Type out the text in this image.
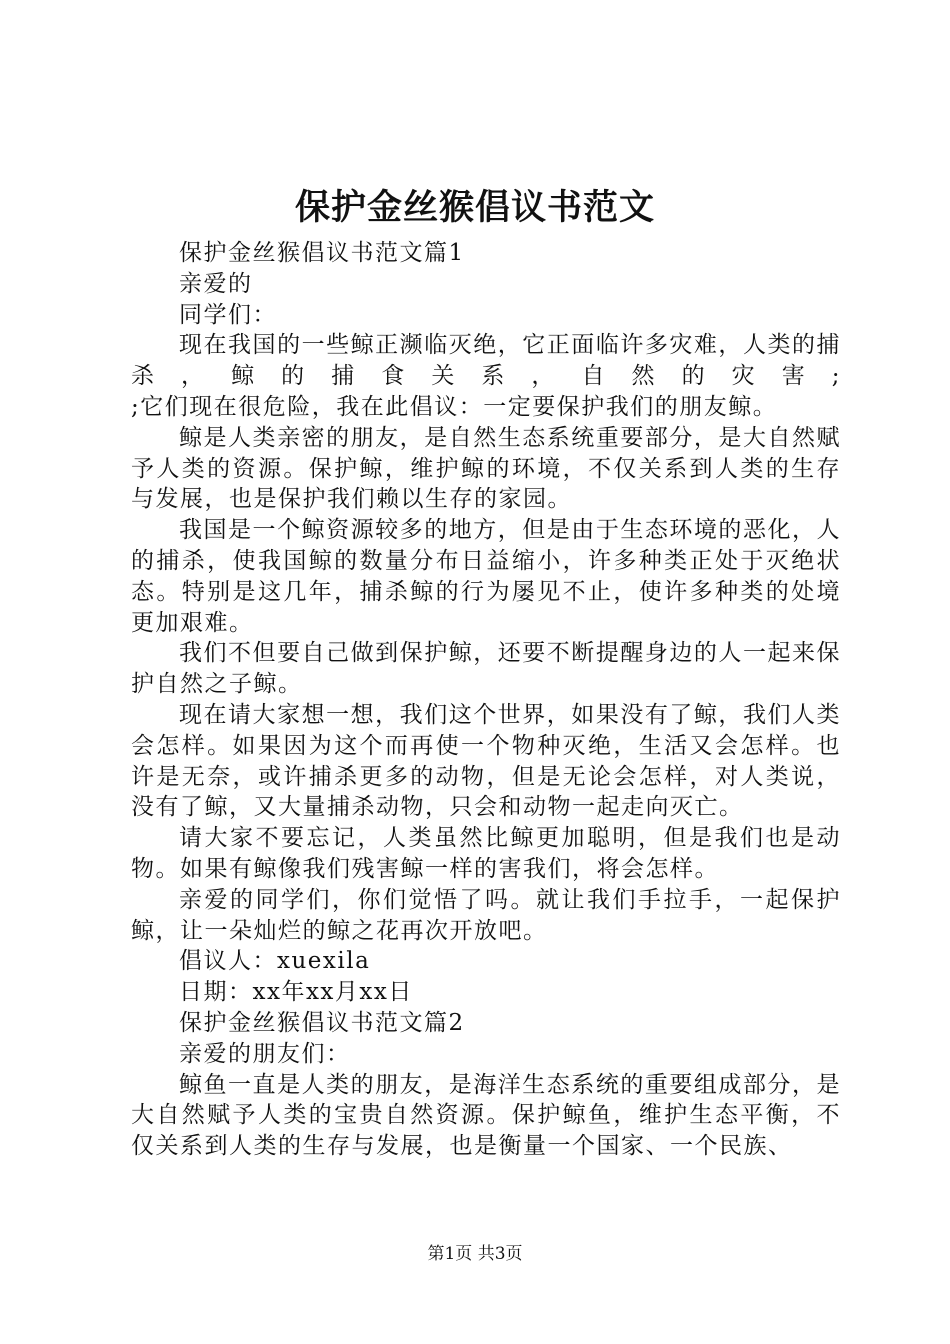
保护金丝猴倡议书范文

保护金丝猴倡议书范文篇1

亲爱的

同学们：

现在我国的一些鲸正濒临灭绝，它正面临许多灾难，人类的捕杀，鲸的捕食关系，自然的灾害;

;它们现在很危险，我在此倡议：一定要保护我们的朋友鲸。

鲸是人类亲密的朋友，是自然生态系统重要部分，是大自然赋予人类的资源。保护鲸，维护鲸的环境，不仅关系到人类的生存与发展，也是保护我们赖以生存的家园。

我国是一个鲸资源较多的地方，但是由于生态环境的恶化，人的捕杀，使我国鲸的数量分布日益缩小，许多种类正处于灭绝状态。特别是这几年，捕杀鲸的行为屡见不止，使许多种类的处境更加艰难。

我们不但要自己做到保护鲸，还要不断提醒身边的人一起来保护自然之子鲸。

现在请大家想一想，我们这个世界，如果没有了鲸，我们人类会怎样。如果因为这个而再使一个物种灭绝，生活又会怎样。也许是无奈，或许捕杀更多的动物，但是无论会怎样，对人类说，没有了鲸，又大量捕杀动物，只会和动物一起走向灭亡。

请大家不要忘记，人类虽然比鲸更加聪明，但是我们也是动物。如果有鲸像我们残害鲸一样的害我们，将会怎样。

亲爱的同学们，你们觉悟了吗。就让我们手拉手，一起保护鲸，让一朵灿烂的鲸之花再次开放吧。

倡议人：xuexila

日期：xx年xx月xx日

保护金丝猴倡议书范文篇2

亲爱的朋友们：

鲸鱼一直是人类的朋友，是海洋生态系统的重要组成部分，是大自然赋予人类的宝贵自然资源。保护鲸鱼，维护生态平衡，不仅关系到人类的生存与发展，也是衡量一个国家、一个民族、

第1页 共3页
